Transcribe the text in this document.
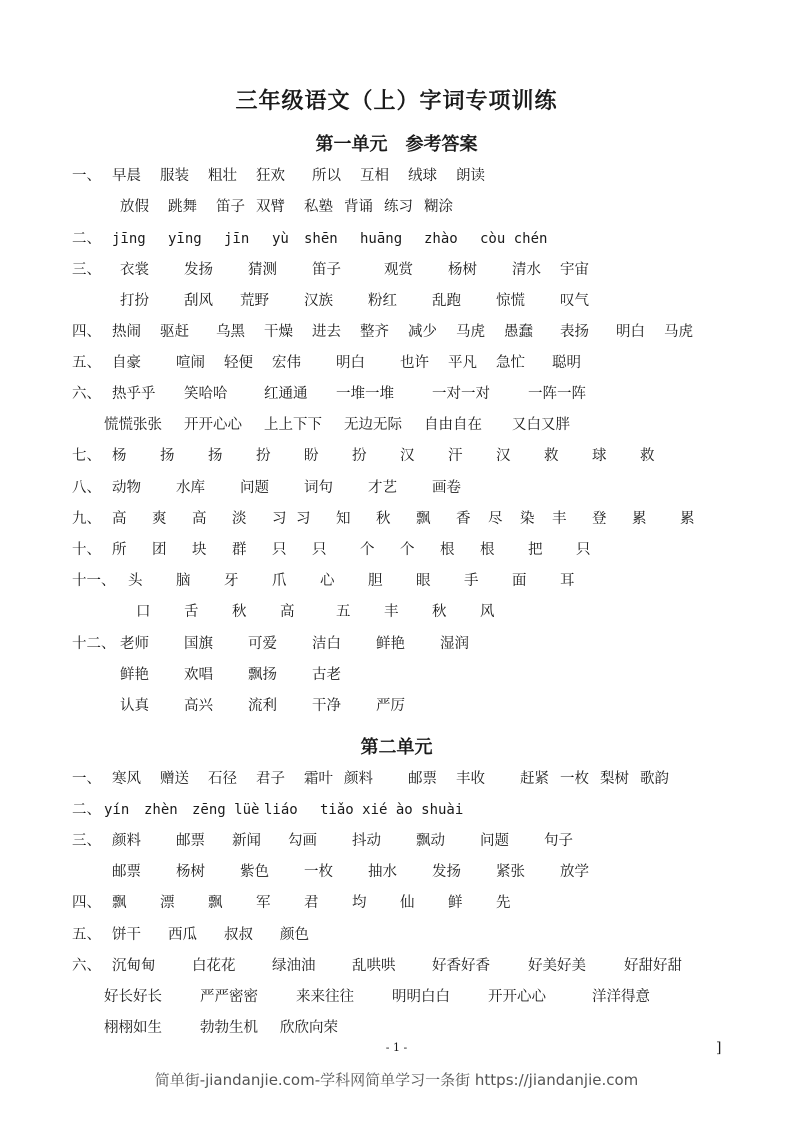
三年级语文（上）字词专项训练
第一单元　参考答案
一、 早晨 服装 粗壮 狂欢 所以 互相 绒球 朗读
放假 跳舞 笛子 双臂 私塾 背诵 练习 糊涂
二、 jīng yīng jīn yù shēn huāng zhào còu chén
三、 衣裳 发扬 猜测 笛子	观赏 杨树 清水 宇宙
打扮 刮风 荒野 汉族 粉红 乱跑 惊慌 叹气
四、 热闹 驱赶 乌黑 干燥 进去 整齐 减少 马虎 愚蠢 表扬 明白 马虎
五、 自豪 喧闹 轻便 宏伟 明白 也许 平凡 急忙 聪明
六、 热乎乎 笑哈哈	红通通 一堆一堆	一对一对	一阵一阵
慌慌张张 开开心心 上上下下 无边无际 自由自在 又白又胖
七、 杨 扬 扬 扮 盼 扮 汉 汗 汉 救 球 救
八、 动物 水库 问题 词句 才艺 画卷
九、 高 爽 高 淡 习 习 知 秋 飘 香 尽 染 丰 登 累 累
十、 所 团 块 群 只 只 个 个 根 根 把 只
十一、 头 脑 牙 爪 心 胆 眼 手 面 耳
口 舌 秋 高	五 丰 秋 风
十二、 老师 国旗 可爱 洁白 鲜艳 湿润
鲜艳 欢唱 飘扬 古老
认真 高兴 流利 干净 严厉
第二单元
一、 寒风 赠送 石径 君子 霜叶 颜料 邮票 丰收 赶紧 一枚 梨树 歌韵
二、 yín zhèn zēng lüè liáo tiǎo xié ào shuài
三、 颜料 邮票 新闻 勾画 抖动 飘动 问题 句子
邮票 杨树 紫色 一枚 抽水 发扬 紧张 放学
四、 飘 漂 飘 军 君 均 仙 鲜 先
五、 饼干 西瓜 叔叔 颜色
六、 沉甸甸	白花花	绿油油	乱哄哄	好香好香	好美好美	好甜好甜
好长好长	严严密密	来来往往	明明白白	开开心心	洋洋得意
栩栩如生	勃勃生机 欣欣向荣
- 1 -	]
简单街-jiandanjie.com-学科网简单学习一条街 https://jiandanjie.com
